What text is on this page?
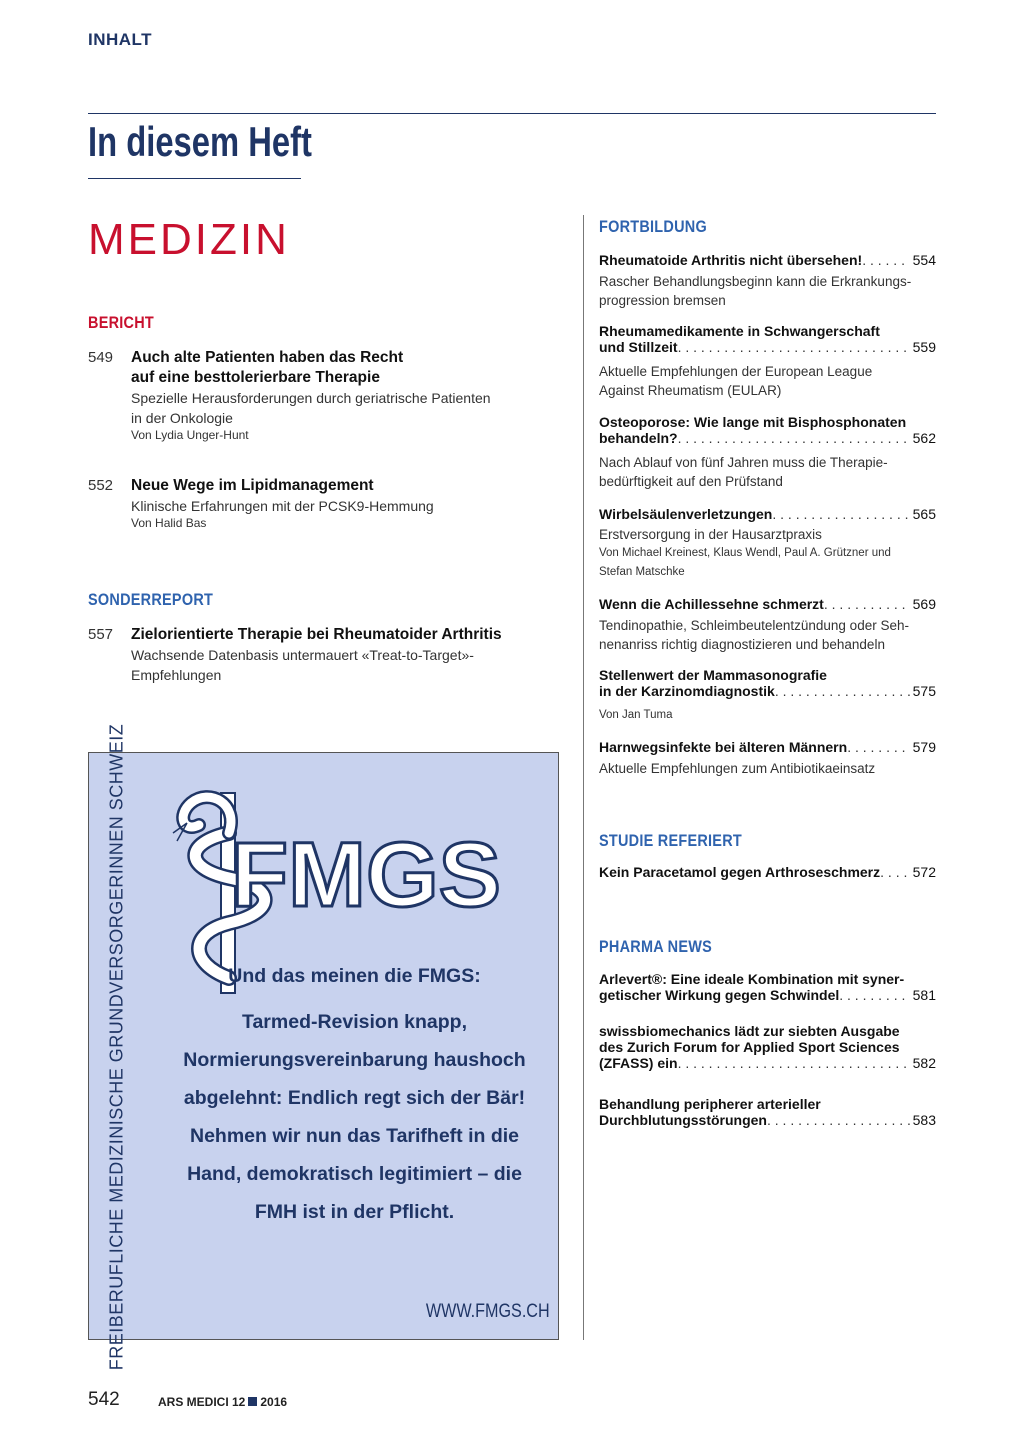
INHALT
In diesem Heft
MEDIZIN
BERICHT
549 Auch alte Patienten haben das Recht
auf eine besttolerierbare Therapie
Spezielle Herausforderungen durch geriatrische Patienten
in der Onkologie
Von Lydia Unger-Hunt
552 Neue Wege im Lipidmanagement
Klinische Erfahrungen mit der PCSK9-Hemmung
Von Halid Bas
SONDERREPORT
557 Zielorientierte Therapie bei Rheumatoider Arthritis
Wachsende Datenbasis untermauert «Treat-to-Target»-
Empfehlungen
FREIBERUFLICHE MEDIZINISCHE GRUNDVERSORGERINNEN SCHWEIZ FMGS
Und das meinen die FMGS:
Tarmed-Revision knapp,
Normierungsvereinbarung haushoch
abgelehnt: Endlich regt sich der Bär!
Nehmen wir nun das Tarifheft in die
Hand, demokratisch legitimiert – die
FMH ist in der Pflicht.
WWW.FMGS.CH
FORTBILDUNG
Rheumatoide Arthritis nicht übersehen! . . .	554
Rascher Behandlungsbeginn kann die Erkrankungs-
progression bremsen
Rheumamedikamente in Schwangerschaft
und Stillzeit . . .	559
Aktuelle Empfehlungen der European League
Against Rheumatism (EULAR)
Osteoporose: Wie lange mit Bisphosphonaten
behandeln? . . .	562
Nach Ablauf von fünf Jahren muss die Therapie-
bedürftigkeit auf den Prüfstand
Wirbelsäulenverletzungen . . .	565
Erstversorgung in der Hausarztpraxis
Von Michael Kreinest, Klaus Wendl, Paul A. Grützner und
Stefan Matschke
Wenn die Achillessehne schmerzt . . .	569
Tendinopathie, Schleimbeutelentzündung oder Seh-
nenanriss richtig diagnostizieren und behandeln
Stellenwert der Mammasonografie
in der Karzinomdiagnostik . . .	575
Von Jan Tuma
Harnwegsinfekte bei älteren Männern . . .	579
Aktuelle Empfehlungen zum Antibiotikaeinsatz
STUDIE REFERIERT
Kein Paracetamol gegen Arthroseschmerz . . . 572
PHARMA NEWS
Arlevert®: Eine ideale Kombination mit syner-
getischer Wirkung gegen Schwindel . . .	581
swissbiomechanics lädt zur siebten Ausgabe
des Zurich Forum for Applied Sport Sciences
(ZFASS) ein . . .	582
Behandlung peripherer arterieller
Durchblutungsstörungen . . .	583
542	ARS MEDICI 12 2016
